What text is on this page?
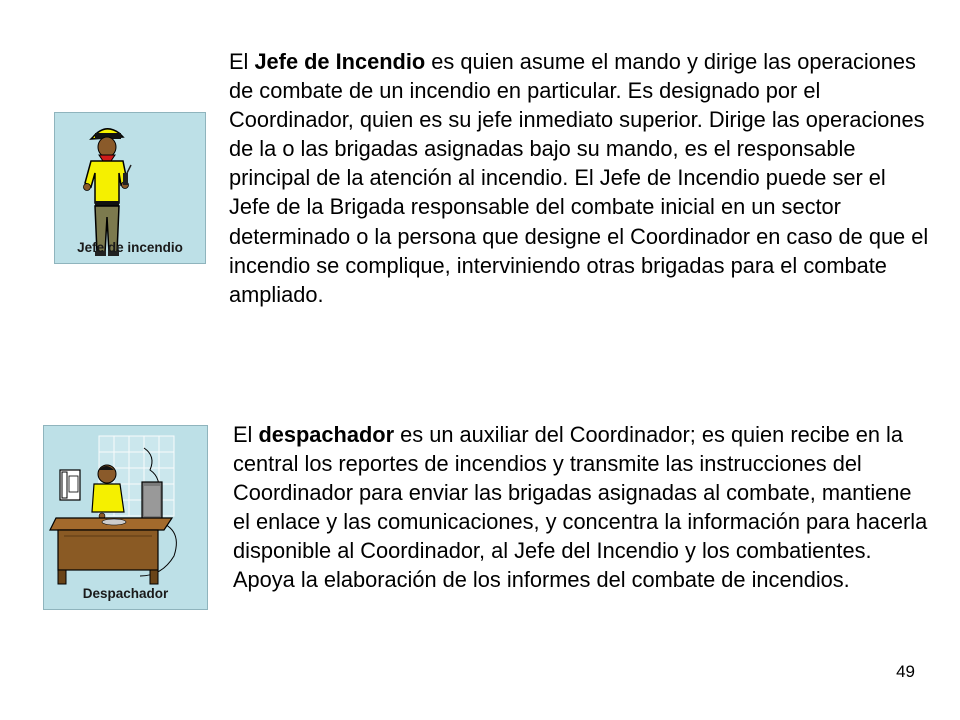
Jefe de incendio
Despachador

El Jefe de Incendio es quien asume el mando y dirige las operaciones de combate de un incendio en particular. Es designado por el Coordinador, quien es su jefe inmediato superior. Dirige las operaciones de la o las brigadas asignadas bajo su mando, es el responsable principal de la atención al incendio. El Jefe de Incendio puede ser el Jefe de la Brigada responsable del combate inicial en un sector determinado o la persona que designe el Coordinador en caso de que el incendio se complique, interviniendo otras brigadas para el combate ampliado.

El despachador es un auxiliar del Coordinador; es quien recibe en la central los reportes de incendios y transmite las instrucciones del Coordinador para enviar las brigadas asignadas al combate, mantiene el enlace y las comunicaciones, y concentra la información para hacerla disponible al Coordinador, al Jefe del Incendio y los combatientes. Apoya la elaboración de los informes del combate de incendios.

49
